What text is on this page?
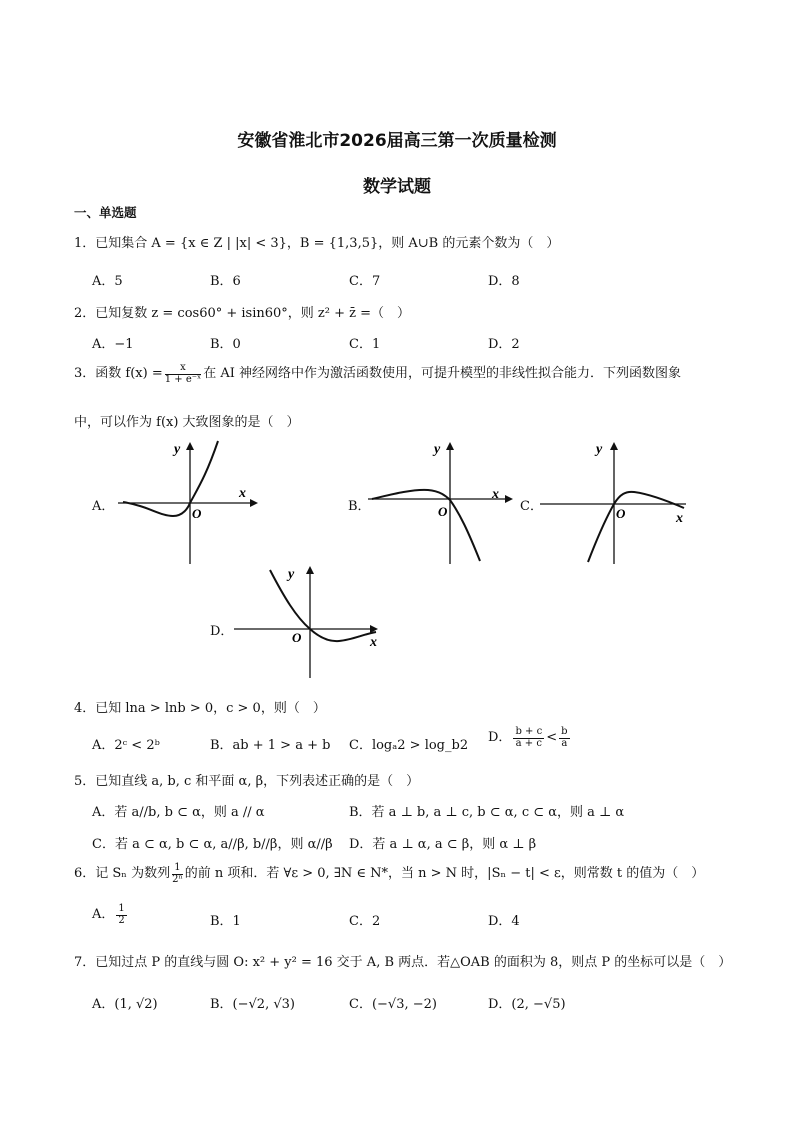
安徽省淮北市2026届高三第一次质量检测
数学试题
一、单选题
1．已知集合 A = {x ∈ Z | |x| < 3}，B = {1,3,5}，则 A∪B 的元素个数为（　）
A．5	B．6	C．7	D．8
2．已知复数 z = cos60° + isin60°，则 z² + z̄ =（　）
A．−1	B．0	C．1	D．2
3．函数 $f(x) = \frac{x}{\text{1 + e⁻ˣ}}$ 在 AI 神经网络中作为激活函数使用，可提升模型的非线性拟合能力．下列函数图象
中，可以作为 f(x) 大致图象的是（　）
A．
y
x
O	B．
y
x
O	C．
y
x
O
D．
y
x
O
4．已知 lna > lnb > 0，c > 0，则（　）
A．2ᶜ < 2ᵇ	B．ab + 1 > a + b C．logₐ2 > log_b2
D． $\frac{b + c}{a + c} < \frac{b}{a}$
5．已知直线 a, b, c 和平面 α, β，下列表述正确的是（　）
A．若 a//b, b ⊂ α，则 a // α	B．若 a ⊥ b, a ⊥ c, b ⊂ α, c ⊂ α，则 a ⊥ α
C．若 a ⊂ α, b ⊂ α, a//β, b//β，则 α//β D．若 a ⊥ α, a ⊂ β，则 α ⊥ β
6．记 Sₙ 为数列 $\frac{1}{\text{2ⁿ}}$ 的前 n 项和．若 ∀ε > 0, ∃N ∈ N*，当 n > N 时，|Sₙ − t| < ε，则常数 t 的值为（　）
A． $\frac{1}{2}$	B．1	C．2	D．4
7．已知过点 P 的直线与圆 O: x² + y² = 16 交于 A, B 两点．若△OAB 的面积为 8，则点 P 的坐标可以是（　）
A．(1, √2)	B．(−√2, √3)	C．(−√3, −2)	D．(2, −√5)
